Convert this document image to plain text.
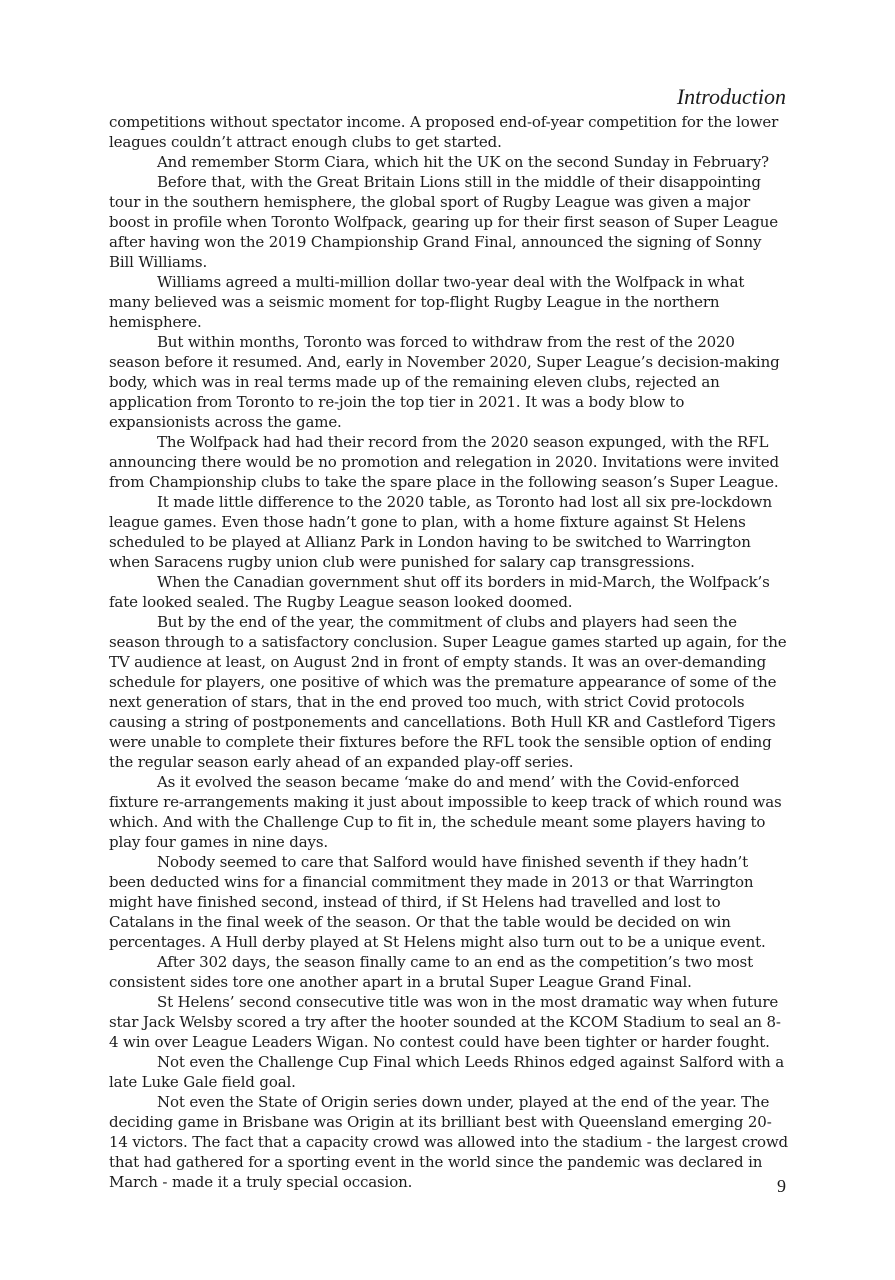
Introduction

competitions without spectator income. A proposed end-of-year competition for the lower leagues couldn’t attract enough clubs to get started.

And remember Storm Ciara, which hit the UK on the second Sunday in February?

Before that, with the Great Britain Lions still in the middle of their disappointing tour in the southern hemisphere, the global sport of Rugby League was given a major boost in profile when Toronto Wolfpack, gearing up for their first season of Super League after having won the 2019 Championship Grand Final, announced the signing of Sonny Bill Williams.

Williams agreed a multi-million dollar two-year deal with the Wolfpack in what many believed was a seismic moment for top-flight Rugby League in the northern hemisphere.

But within months, Toronto was forced to withdraw from the rest of the 2020 season before it resumed. And, early in November 2020, Super League’s decision-making body, which was in real terms made up of the remaining eleven clubs, rejected an application from Toronto to re-join the top tier in 2021. It was a body blow to expansionists across the game.

The Wolfpack had had their record from the 2020 season expunged, with the RFL announcing there would be no promotion and relegation in 2020. Invitations were invited from Championship clubs to take the spare place in the following season’s Super League.

It made little difference to the 2020 table, as Toronto had lost all six pre-lockdown league games. Even those hadn’t gone to plan, with a home fixture against St Helens scheduled to be played at Allianz Park in London having to be switched to Warrington when Saracens rugby union club were punished for salary cap transgressions.

When the Canadian government shut off its borders in mid-March, the Wolfpack’s fate looked sealed. The Rugby League season looked doomed.

But by the end of the year, the commitment of clubs and players had seen the season through to a satisfactory conclusion. Super League games started up again, for the TV audience at least, on August 2nd in front of empty stands. It was an over-demanding schedule for players, one positive of which was the premature appearance of some of the next generation of stars, that in the end proved too much, with strict Covid protocols causing a string of postponements and cancellations. Both Hull KR and Castleford Tigers were unable to complete their fixtures before the RFL took the sensible option of ending the regular season early ahead of an expanded play-off series.

As it evolved the season became ‘make do and mend’ with the Covid-enforced fixture re-arrangements making it just about impossible to keep track of which round was which. And with the Challenge Cup to fit in, the schedule meant some players having to play four games in nine days.

Nobody seemed to care that Salford would have finished seventh if they hadn’t been deducted wins for a financial commitment they made in 2013 or that Warrington might have finished second, instead of third, if St Helens had travelled and lost to Catalans in the final week of the season. Or that the table would be decided on win percentages. A Hull derby played at St Helens might also turn out to be a unique event.

After 302 days, the season finally came to an end as the competition’s two most consistent sides tore one another apart in a brutal Super League Grand Final.

St Helens’ second consecutive title was won in the most dramatic way when future star Jack Welsby scored a try after the hooter sounded at the KCOM Stadium to seal an 8-4 win over League Leaders Wigan. No contest could have been tighter or harder fought.

Not even the Challenge Cup Final which Leeds Rhinos edged against Salford with a late Luke Gale field goal.

Not even the State of Origin series down under, played at the end of the year. The deciding game in Brisbane was Origin at its brilliant best with Queensland emerging 20-14 victors. The fact that a capacity crowd was allowed into the stadium - the largest crowd that had gathered for a sporting event in the world since the pandemic was declared in March - made it a truly special occasion.	9
